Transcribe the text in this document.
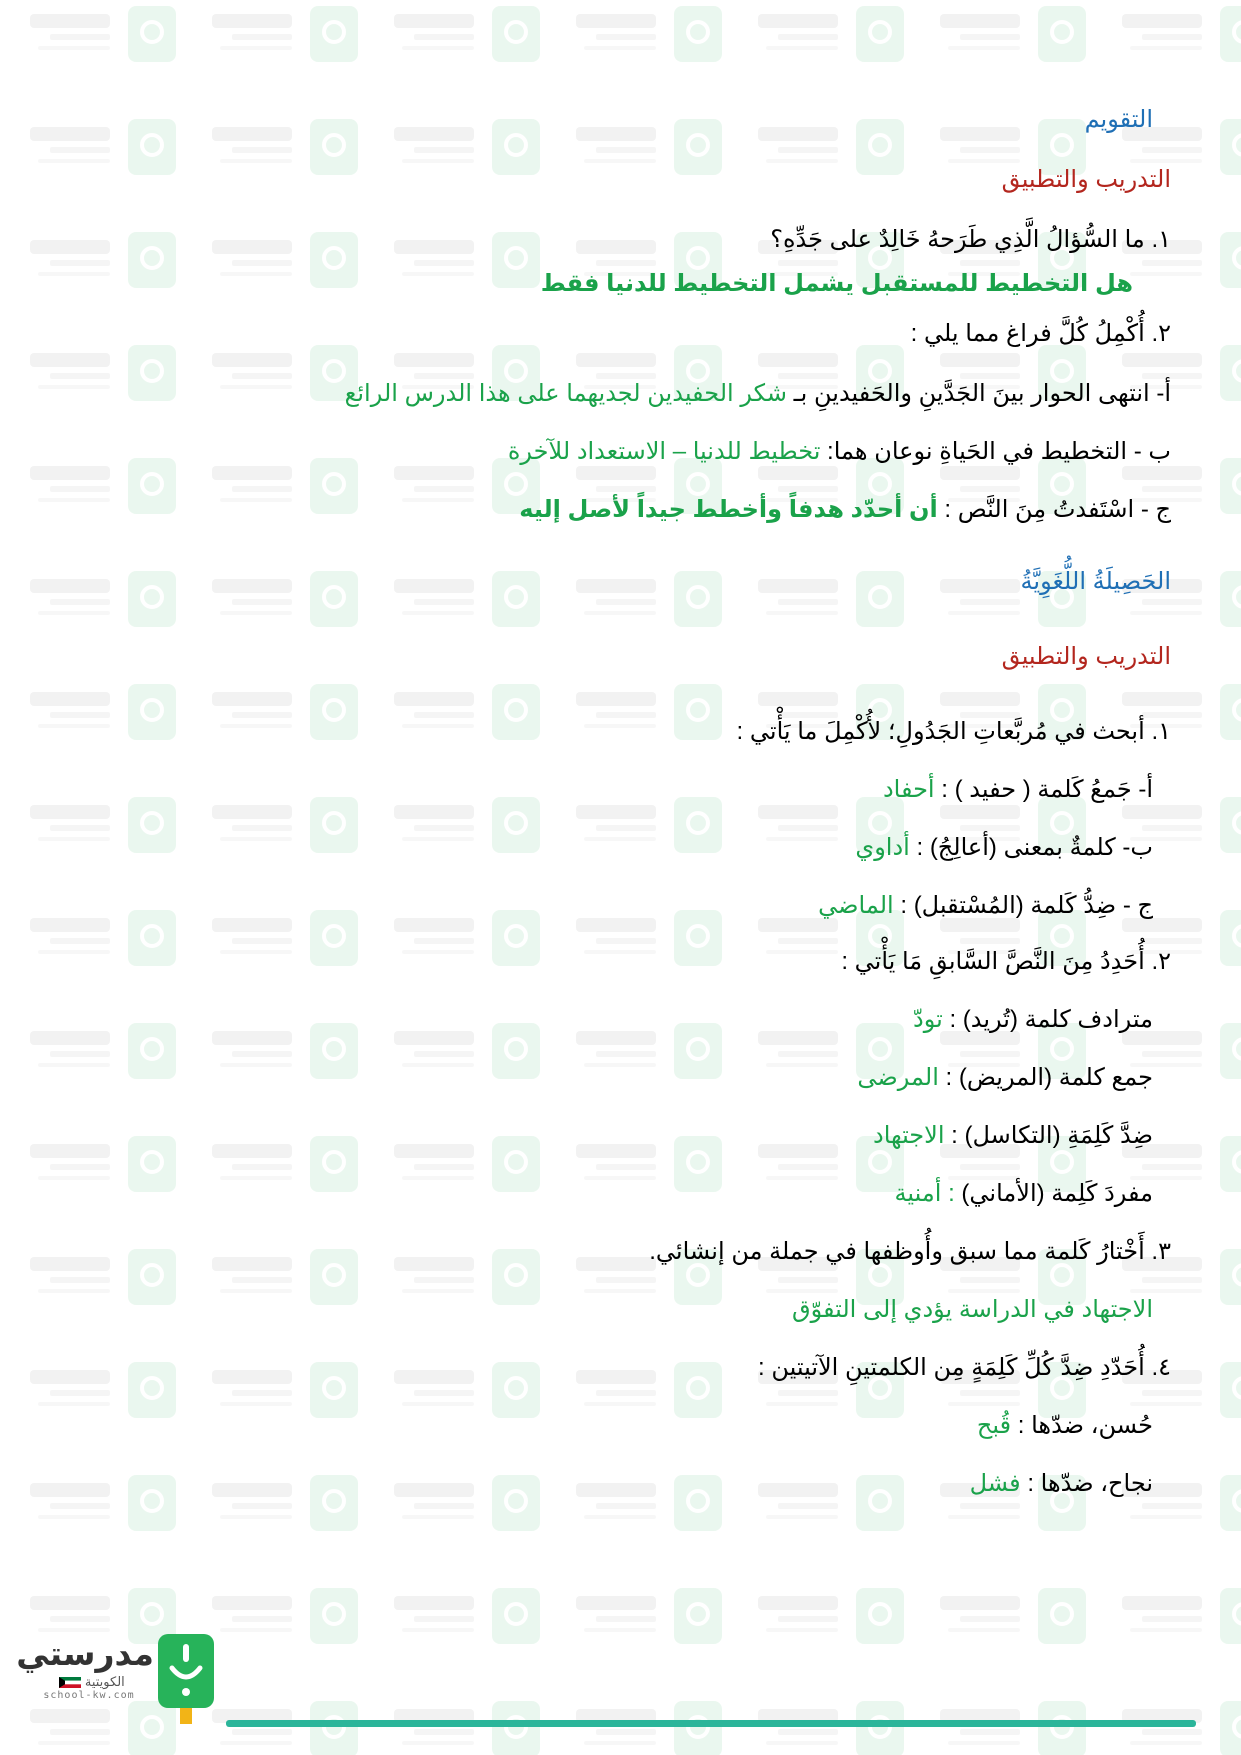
التقويم
التدريب والتطبيق
١. ما السُّؤالُ الَّذِي طَرَحهُ خَالِدٌ على جَدِّهِ؟
هل التخطيط للمستقبل يشمل التخطيط للدنيا فقط
٢. أُكْمِلُ كُلَّ فراغ مما يلي :
أ- انتهى الحوار بينَ الجَدَّينِ والحَفيدينِ بـ شكر الحفيدين لجديهما على هذا الدرس الرائع
ب - التخطيط في الحَياةِ نوعان هما: تخطيط للدنيا – الاستعداد للآخرة
ج - اسْتَفدتُ مِنَ النَّص : أن أحدّد هدفاً وأخطط جيداً لأصل إليه
الحَصِيلَةُ اللُّغَوِيَّةُ
التدريب والتطبيق
١. أبحث في مُربَّعاتِ الجَدُولِ؛ لأُكْمِلَ ما يَأْتي :
أ- جَمعُ كَلمة ( حفيد ) : أحفاد
ب- كلمةٌ بمعنى (أعالِجُ) : أداوي
ج - ضِدُّ كَلمة (المُسْتقبل) : الماضي
٢. أُحَدِدُ مِنَ النَّصَّ السَّابقِ مَا يَأْتي :
مترادف كلمة (تُريد) : تودّ
جمع كلمة (المريض) : المرضى
ضِدَّ كَلِمَةِ (التكاسل) : الاجتهاد
مفردَ كَلِمة (الأماني) : أمنية
٣. أَخْتارُ كَلمة مما سبق وأُوظفها في جملة من إنشائي.
الاجتهاد في الدراسة يؤدي إلى التفوّق
٤. أُحَدّدِ ضِدَّ كُلِّ كَلِمَةٍ مِن الكلمتينِ الآتيتين :
حُسن، ضدّها : قُبح
نجاح، ضدّها : فشل
مدرستي
الكويتية
school-kw.com
